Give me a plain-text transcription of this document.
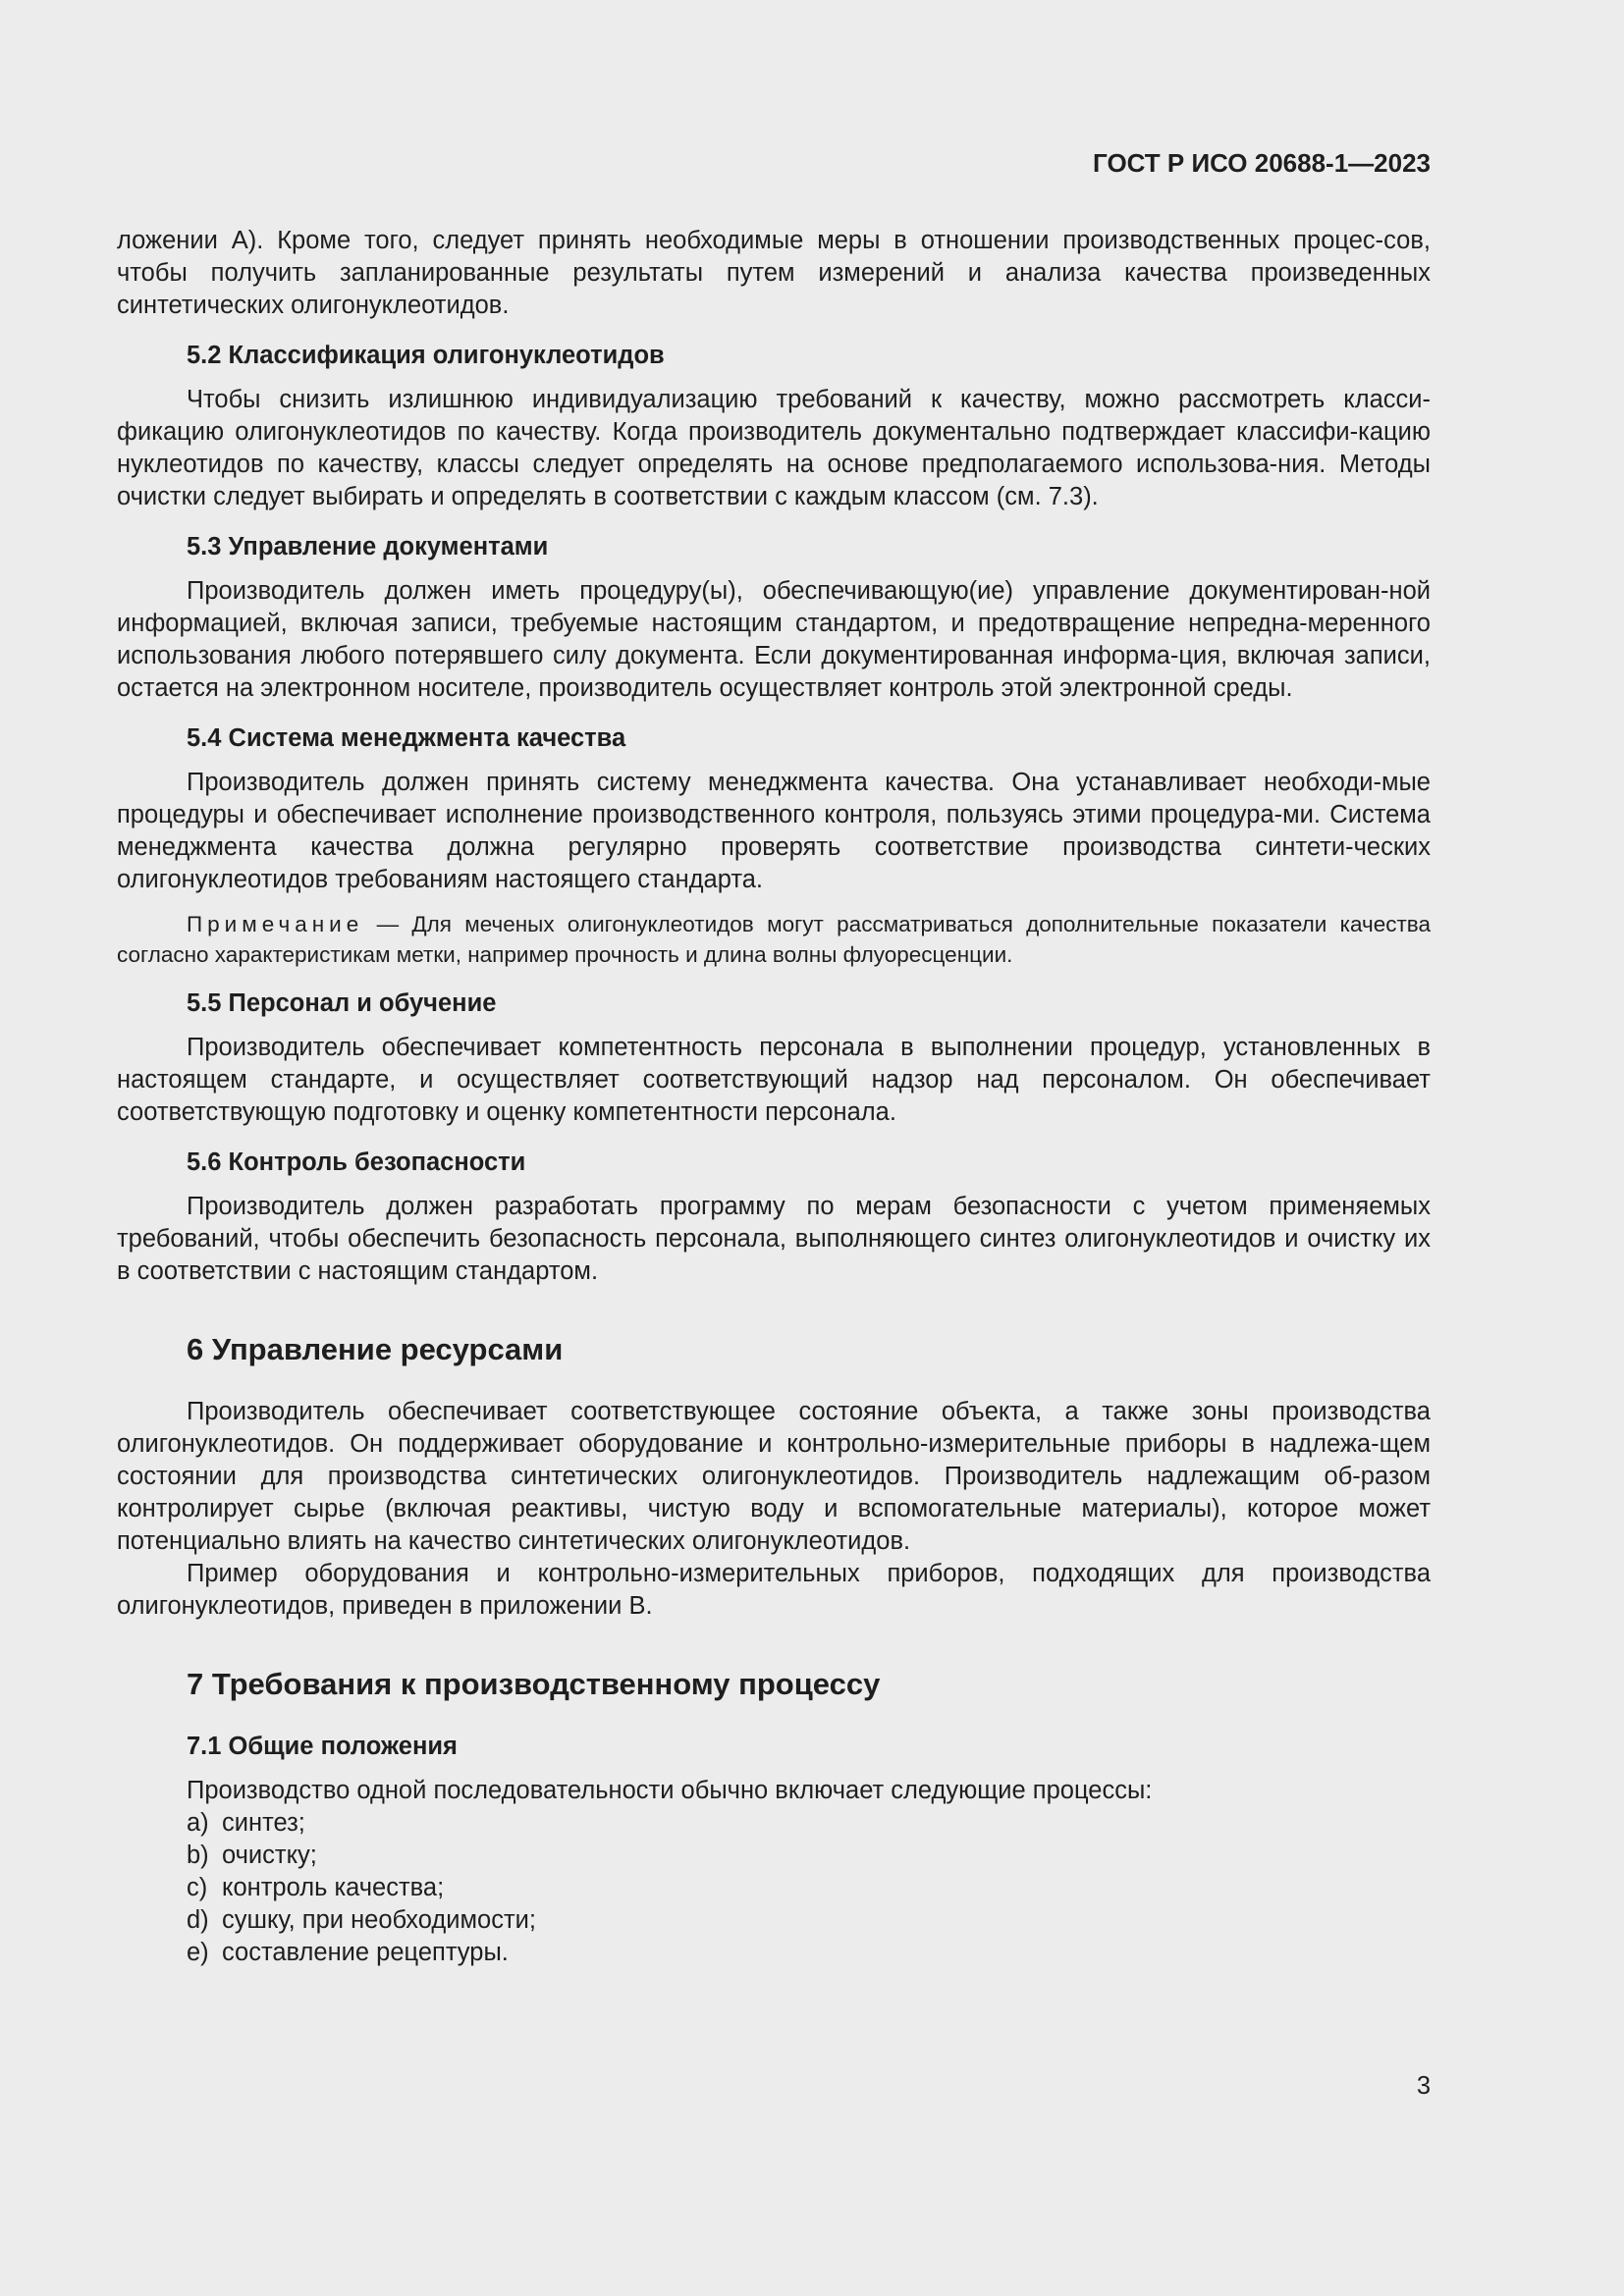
ГОСТ Р ИСО 20688-1—2023

ложении А). Кроме того, следует принять необходимые меры в отношении производственных процес-сов, чтобы получить запланированные результаты путем измерений и анализа качества произведенных синтетических олигонуклеотидов.

5.2 Классификация олигонуклеотидов

Чтобы снизить излишнюю индивидуализацию требований к качеству, можно рассмотреть класси-фикацию олигонуклеотидов по качеству. Когда производитель документально подтверждает классифи-кацию нуклеотидов по качеству, классы следует определять на основе предполагаемого использова-ния. Методы очистки следует выбирать и определять в соответствии с каждым классом (см. 7.3).

5.3 Управление документами

Производитель должен иметь процедуру(ы), обеспечивающую(ие) управление документирован-ной информацией, включая записи, требуемые настоящим стандартом, и предотвращение непредна-меренного использования любого потерявшего силу документа. Если документированная информа-ция, включая записи, остается на электронном носителе, производитель осуществляет контроль этой электронной среды.

5.4 Система менеджмента качества

Производитель должен принять систему менеджмента качества. Она устанавливает необходи-мые процедуры и обеспечивает исполнение производственного контроля, пользуясь этими процедура-ми. Система менеджмента качества должна регулярно проверять соответствие производства синтети-ческих олигонуклеотидов требованиям настоящего стандарта.

Примечание — Для меченых олигонуклеотидов могут рассматриваться дополнительные показатели качества согласно характеристикам метки, например прочность и длина волны флуоресценции.

5.5 Персонал и обучение

Производитель обеспечивает компетентность персонала в выполнении процедур, установленных в настоящем стандарте, и осуществляет соответствующий надзор над персоналом. Он обеспечивает соответствующую подготовку и оценку компетентности персонала.

5.6 Контроль безопасности

Производитель должен разработать программу по мерам безопасности с учетом применяемых требований, чтобы обеспечить безопасность персонала, выполняющего синтез олигонуклеотидов и очистку их в соответствии с настоящим стандартом.

6 Управление ресурсами

Производитель обеспечивает соответствующее состояние объекта, а также зоны производства олигонуклеотидов. Он поддерживает оборудование и контрольно-измерительные приборы в надлежа-щем состоянии для производства синтетических олигонуклеотидов. Производитель надлежащим об-разом контролирует сырье (включая реактивы, чистую воду и вспомогательные материалы), которое может потенциально влиять на качество синтетических олигонуклеотидов.

Пример оборудования и контрольно-измерительных приборов, подходящих для производства олигонуклеотидов, приведен в приложении В.

7 Требования к производственному процессу
7.1 Общие положения

Производство одной последовательности обычно включает следующие процессы:

a) синтез;
b) очистку;
c) контроль качества;
d) сушку, при необходимости;
e) составление рецептуры.
3
